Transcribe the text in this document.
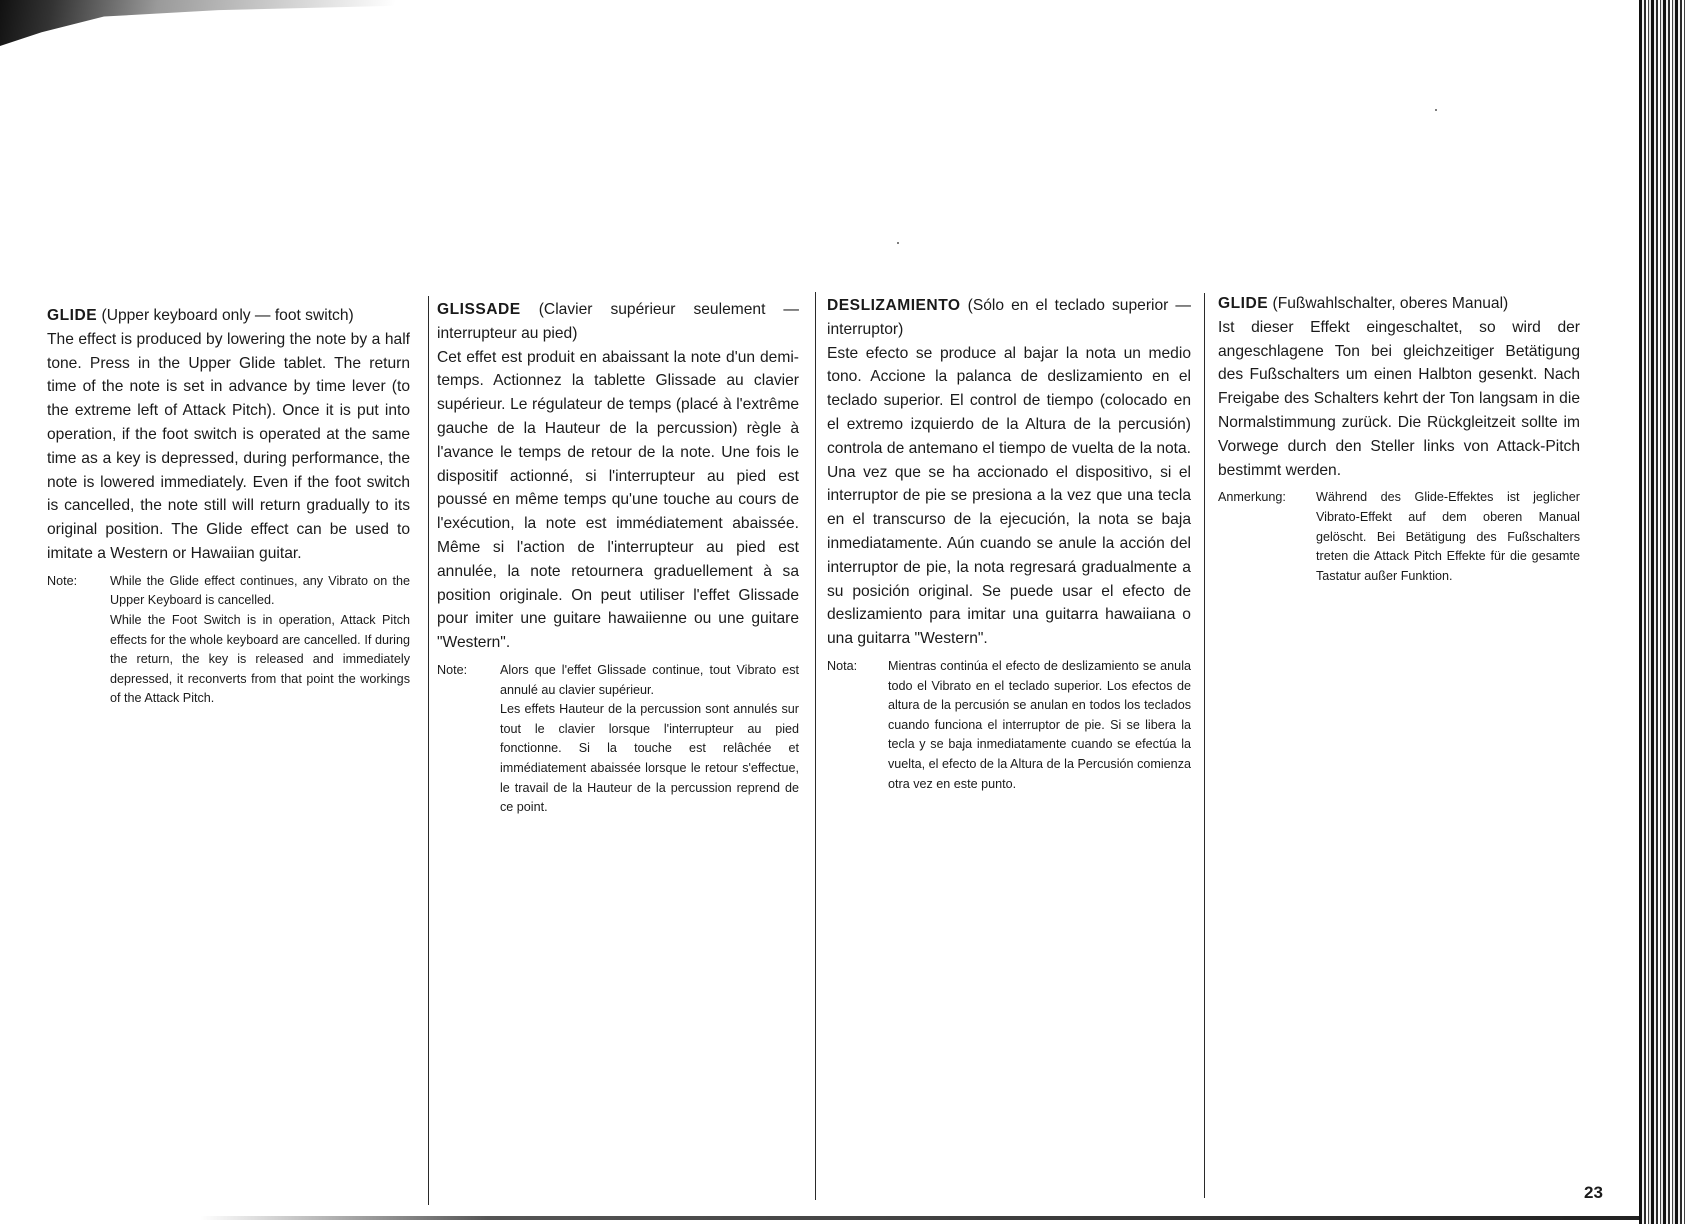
GLIDE (Upper keyboard only — foot switch)

The effect is produced by lowering the note by a half tone. Press in the Upper Glide tablet. The return time of the note is set in advance by time lever (to the extreme left of Attack Pitch). Once it is put into operation, if the foot switch is operated at the same time as a key is depressed, during performance, the note is lowered immediately. Even if the foot switch is cancelled, the note still will return gradually to its original position. The Glide effect can be used to imitate a Western or Hawaiian guitar.

Note:	While the Glide effect continues, any Vibrato on the Upper Keyboard is cancelled.

While the Foot Switch is in operation, Attack Pitch effects for the whole keyboard are cancelled. If during the return, the key is released and immediately depressed, it reconverts from that point the workings of the Attack Pitch.

GLISSADE (Clavier supérieur seulement — interrupteur au pied)

Cet effet est produit en abaissant la note d'un demi-temps. Actionnez la tablette Glissade au clavier supérieur. Le régulateur de temps (placé à l'extrême gauche de la Hauteur de la percussion) règle à l'avance le temps de retour de la note. Une fois le dispositif actionné, si l'interrupteur au pied est poussé en même temps qu'une touche au cours de l'exécution, la note est immédiatement abaissée. Même si l'action de l'interrupteur au pied est annulée, la note retournera graduellement à sa position originale. On peut utiliser l'effet Glissade pour imiter une guitare hawaiienne ou une guitare "Western".

Note:	Alors que l'effet Glissade continue, tout Vibrato est annulé au clavier supérieur.

Les effets Hauteur de la percussion sont annulés sur tout le clavier lorsque l'interrupteur au pied fonctionne. Si la touche est relâchée et immédiatement abaissée lorsque le retour s'effectue, le travail de la Hauteur de la percussion reprend de ce point.

DESLIZAMIENTO (Sólo en el teclado superior — interruptor)

Este efecto se produce al bajar la nota un medio tono. Accione la palanca de deslizamiento en el teclado superior. El control de tiempo (colocado en el extremo izquierdo de la Altura de la percusión) controla de antemano el tiempo de vuelta de la nota. Una vez que se ha accionado el dispositivo, si el interruptor de pie se presiona a la vez que una tecla en el transcurso de la ejecución, la nota se baja inmediatamente. Aún cuando se anule la acción del interruptor de pie, la nota regresará gradualmente a su posición original. Se puede usar el efecto de deslizamiento para imitar una guitarra hawaiiana o una guitarra "Western".

Nota:	Mientras continúa el efecto de deslizamiento se anula todo el Vibrato en el teclado superior. Los efectos de altura de la percusión se anulan en todos los teclados cuando funciona el interruptor de pie. Si se libera la tecla y se baja inmediatamente cuando se efectúa la vuelta, el efecto de la Altura de la Percusión comienza otra vez en este punto.

GLIDE (Fußwahlschalter, oberes Manual)

Ist dieser Effekt eingeschaltet, so wird der angeschlagene Ton bei gleichzeitiger Betätigung des Fußschalters um einen Halbton gesenkt. Nach Freigabe des Schalters kehrt der Ton langsam in die Normalstimmung zurück. Die Rückgleitzeit sollte im Vorwege durch den Steller links von Attack-Pitch bestimmt werden.

Anmerkung:	Während des Glide-Effektes ist jeglicher Vibrato-Effekt auf dem oberen Manual gelöscht. Bei Betätigung des Fußschalters treten die Attack Pitch Effekte für die gesamte Tastatur außer Funktion.

23
